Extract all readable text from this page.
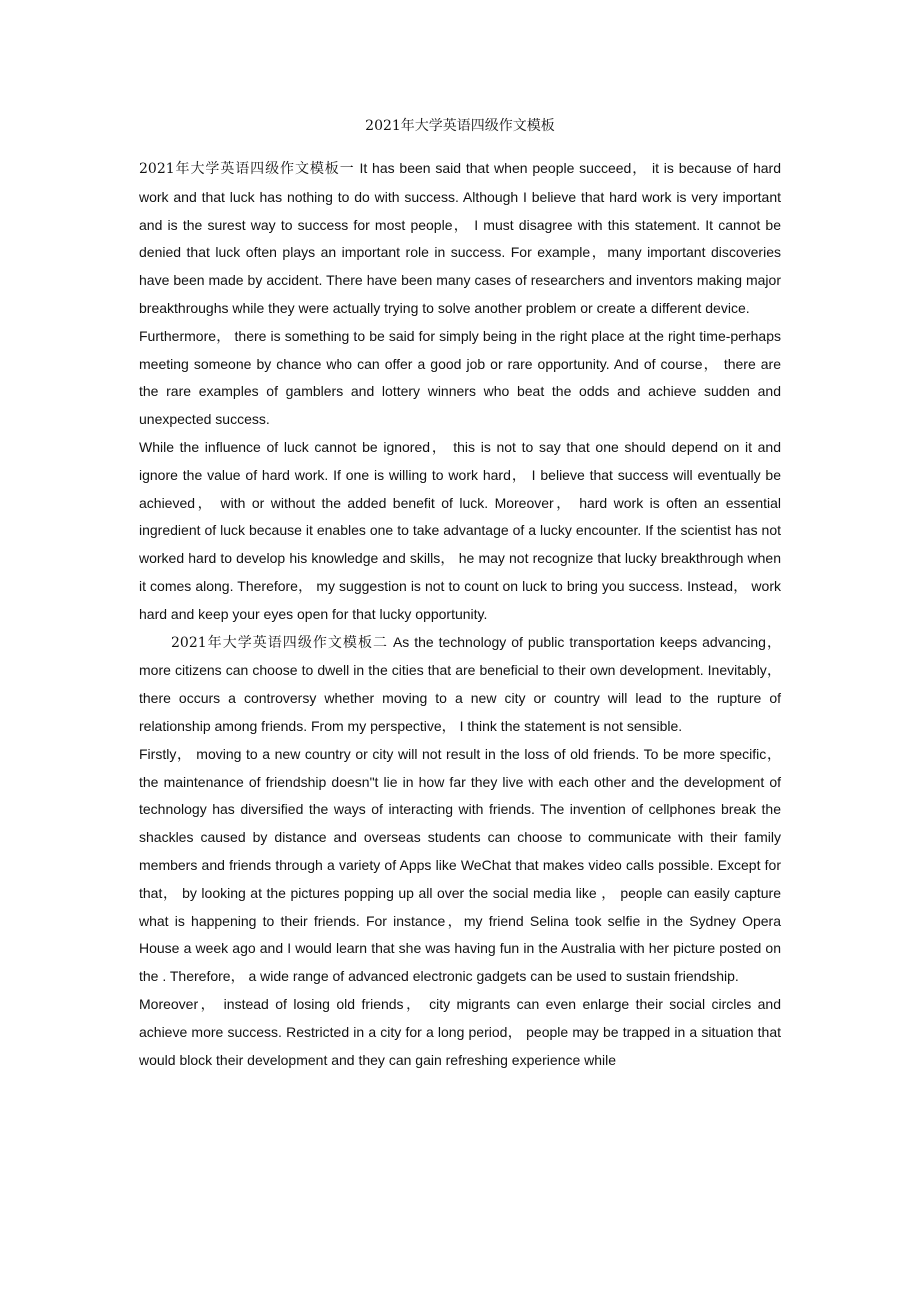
2021年大学英语四级作文模板

2021年大学英语四级作文模板一 It has been said that when people succeed， it is because of hard work and that luck has nothing to do with success. Although I believe that hard work is very important and is the surest way to success for most people， I must disagree with this statement. It cannot be denied that luck often plays an important role in success. For example，many important discoveries have been made by accident. There have been many cases of researchers and inventors making major breakthroughs while they were actually trying to solve another problem or create a different device.

Furthermore， there is something to be said for simply being in the right place at the right time-perhaps meeting someone by chance who can offer a good job or rare opportunity. And of course， there are the rare examples of gamblers and lottery winners who beat the odds and achieve sudden and unexpected success.

While the influence of luck cannot be ignored， this is not to say that one should depend on it and ignore the value of hard work. If one is willing to work hard， I believe that success will eventually be achieved， with or without the added benefit of luck. Moreover， hard work is often an essential ingredient of luck because it enables one to take advantage of a lucky encounter. If the scientist has not worked hard to develop his knowledge and skills， he may not recognize that lucky breakthrough when it comes along. Therefore， my suggestion is not to count on luck to bring you success. Instead， work hard and keep your eyes open for that lucky opportunity.

2021年大学英语四级作文模板二 As the technology of public transportation keeps advancing， more citizens can choose to dwell in the cities that are beneficial to their own development. Inevitably， there occurs a controversy whether moving to a new city or country will lead to the rupture of relationship among friends. From my perspective， I think the statement is not sensible.

Firstly， moving to a new country or city will not result in the loss of old friends. To be more specific， the maintenance of friendship doesn"t lie in how far they live with each other and the development of technology has diversified the ways of interacting with friends. The invention of cellphones break the shackles caused by distance and overseas students can choose to communicate with their family members and friends through a variety of Apps like WeChat that makes video calls possible. Except for that， by looking at the pictures popping up all over the social media like ， people can easily capture what is happening to their friends. For instance，my friend Selina took selfie in the Sydney Opera House a week ago and I would learn that she was having fun in the Australia with her picture posted on the . Therefore， a wide range of advanced electronic gadgets can be used to sustain friendship.

Moreover， instead of losing old friends， city migrants can even enlarge their social circles and achieve more success. Restricted in a city for a long period， people may be trapped in a situation that would block their development and they can gain refreshing experience while
